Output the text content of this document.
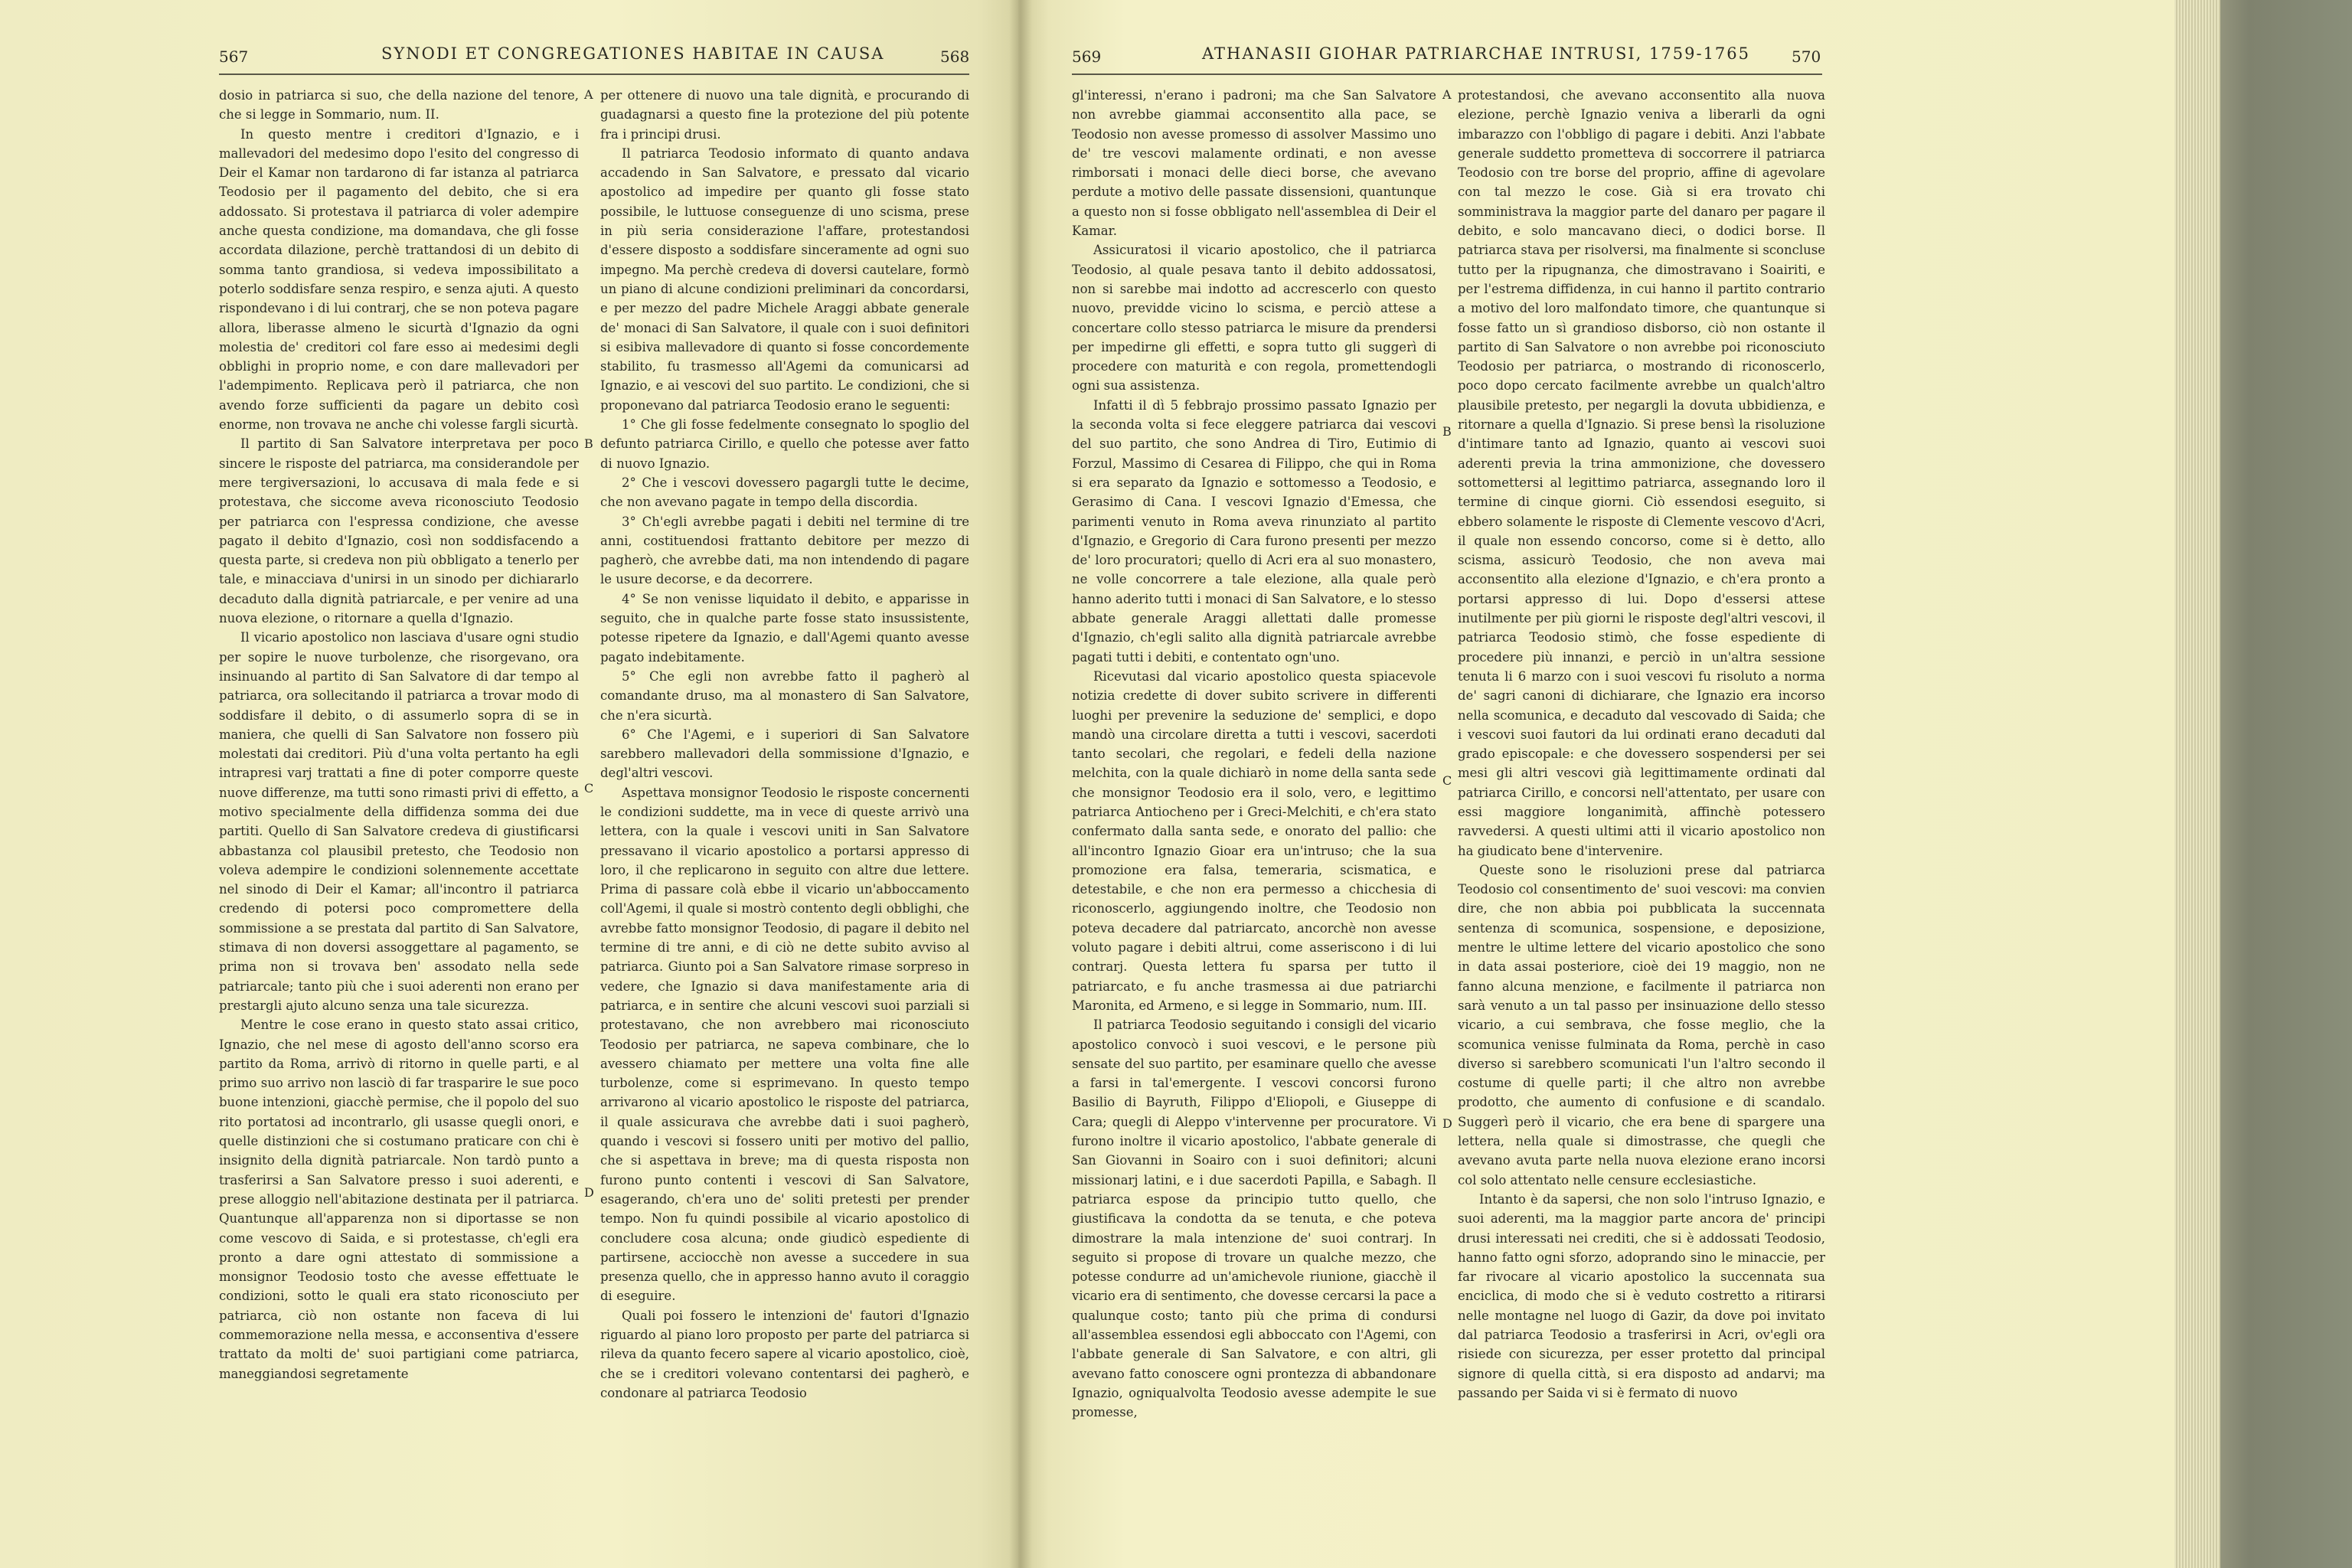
567	SYNODI ET CONGREGATIONES HABITAE IN CAUSA	568

dosio in patriarca si suo, che della nazione del tenore, che si legge in Sommario, num. II.

In questo mentre i creditori d'Ignazio, e i mallevadori del medesimo dopo l'esito del congresso di Deir el Kamar non tardarono di far istanza al patriarca Teodosio per il pagamento del debito, che si era addossato. Si protestava il patriarca di voler adempire anche questa condizione, ma domandava, che gli fosse accordata dilazione, perchè trattandosi di un debito di somma tanto grandiosa, si vedeva impossibilitato a poterlo soddisfare senza respiro, e senza ajuti. A questo rispondevano i di lui contrarj, che se non poteva pagare allora, liberasse almeno le sicurtà d'Ignazio da ogni molestia de' creditori col fare esso ai medesimi degli obblighi in proprio nome, e con dare mallevadori per l'adempimento. Replicava però il patriarca, che non avendo forze sufficienti da pagare un debito così enorme, non trovava ne anche chi volesse fargli sicurtà.

Il partito di San Salvatore interpretava per poco sincere le risposte del patriarca, ma considerandole per mere tergiversazioni, lo accusava di mala fede e si protestava, che siccome aveva riconosciuto Teodosio per patriarca con l'espressa condizione, che avesse pagato il debito d'Ignazio, così non soddisfacendo a questa parte, si credeva non più obbligato a tenerlo per tale, e minacciava d'unirsi in un sinodo per dichiararlo decaduto dalla dignità patriarcale, e per venire ad una nuova elezione, o ritornare a quella d'Ignazio.

Il vicario apostolico non lasciava d'usare ogni studio per sopire le nuove turbolenze, che risorgevano, ora insinuando al partito di San Salvatore di dar tempo al patriarca, ora sollecitando il patriarca a trovar modo di soddisfare il debito, o di assumerlo sopra di se in maniera, che quelli di San Salvatore non fossero più molestati dai creditori. Più d'una volta pertanto ha egli intrapresi varj trattati a fine di poter comporre queste nuove differenze, ma tutti sono rimasti privi di effetto, a motivo specialmente della diffidenza somma dei due partiti. Quello di San Salvatore credeva di giustificarsi abbastanza col plausibil pretesto, che Teodosio non voleva adempire le condizioni solennemente accettate nel sinodo di Deir el Kamar; all'incontro il patriarca credendo di potersi poco compromettere della sommissione a se prestata dal partito di San Salvatore, stimava di non doversi assoggettare al pagamento, se prima non si trovava ben' assodato nella sede patriarcale; tanto più che i suoi aderenti non erano per prestargli ajuto alcuno senza una tale sicurezza.

Mentre le cose erano in questo stato assai critico, Ignazio, che nel mese di agosto dell'anno scorso era partito da Roma, arrivò di ritorno in quelle parti, e al primo suo arrivo non lasciò di far trasparire le sue poco buone intenzioni, giacchè permise, che il popolo del suo rito portatosi ad incontrarlo, gli usasse quegli onori, e quelle distinzioni che si costumano praticare con chi è insignito della dignità patriarcale. Non tardò punto a trasferirsi a San Salvatore presso i suoi aderenti, e prese alloggio nell'abitazione destinata per il patriarca. Quantunque all'apparenza non si diportasse se non come vescovo di Saida, e si protestasse, ch'egli era pronto a dare ogni attestato di sommissione a monsignor Teodosio tosto che avesse effettuate le condizioni, sotto le quali era stato riconosciuto per patriarca, ciò non ostante non faceva di lui commemorazione nella messa, e acconsentiva d'essere trattato da molti de' suoi partigiani come patriarca, maneggiandosi segretamente

A
B
C
D

per ottenere di nuovo una tale dignità, e procurando di guadagnarsi a questo fine la protezione del più potente fra i principi drusi.

Il patriarca Teodosio informato di quanto andava accadendo in San Salvatore, e pressato dal vicario apostolico ad impedire per quanto gli fosse stato possibile, le luttuose conseguenze di uno scisma, prese in più seria considerazione l'affare, protestandosi d'essere disposto a soddisfare sinceramente ad ogni suo impegno. Ma perchè credeva di doversi cautelare, formò un piano di alcune condizioni preliminari da concordarsi, e per mezzo del padre Michele Araggi abbate generale de' monaci di San Salvatore, il quale con i suoi definitori si esibiva mallevadore di quanto si fosse concordemente stabilito, fu trasmesso all'Agemi da comunicarsi ad Ignazio, e ai vescovi del suo partito. Le condizioni, che si proponevano dal patriarca Teodosio erano le seguenti:

1° Che gli fosse fedelmente consegnato lo spoglio del defunto patriarca Cirillo, e quello che potesse aver fatto di nuovo Ignazio.

2° Che i vescovi dovessero pagargli tutte le decime, che non avevano pagate in tempo della discordia.

3° Ch'egli avrebbe pagati i debiti nel termine di tre anni, costituendosi frattanto debitore per mezzo di pagherò, che avrebbe dati, ma non intendendo di pagare le usure decorse, e da decorrere.

4° Se non venisse liquidato il debito, e apparisse in seguito, che in qualche parte fosse stato insussistente, potesse ripetere da Ignazio, e dall'Agemi quanto avesse pagato indebitamente.

5° Che egli non avrebbe fatto il pagherò al comandante druso, ma al monastero di San Salvatore, che n'era sicurtà.

6° Che l'Agemi, e i superiori di San Salvatore sarebbero mallevadori della sommissione d'Ignazio, e degl'altri vescovi.

Aspettava monsignor Teodosio le risposte concernenti le condizioni suddette, ma in vece di queste arrivò una lettera, con la quale i vescovi uniti in San Salvatore pressavano il vicario apostolico a portarsi appresso di loro, il che replicarono in seguito con altre due lettere. Prima di passare colà ebbe il vicario un'abboccamento coll'Agemi, il quale si mostrò contento degli obblighi, che avrebbe fatto monsignor Teodosio, di pagare il debito nel termine di tre anni, e di ciò ne dette subito avviso al patriarca. Giunto poi a San Salvatore rimase sorpreso in vedere, che Ignazio si dava manifestamente aria di patriarca, e in sentire che alcuni vescovi suoi parziali si protestavano, che non avrebbero mai riconosciuto Teodosio per patriarca, ne sapeva combinare, che lo avessero chiamato per mettere una volta fine alle turbolenze, come si esprimevano. In questo tempo arrivarono al vicario apostolico le risposte del patriarca, il quale assicurava che avrebbe dati i suoi pagherò, quando i vescovi si fossero uniti per motivo del pallio, che si aspettava in breve; ma di questa risposta non furono punto contenti i vescovi di San Salvatore, esagerando, ch'era uno de' soliti pretesti per prender tempo. Non fu quindi possibile al vicario apostolico di concludere cosa alcuna; onde giudicò espediente di partirsene, acciocchè non avesse a succedere in sua presenza quello, che in appresso hanno avuto il coraggio di eseguire.

Quali poi fossero le intenzioni de' fautori d'Ignazio riguardo al piano loro proposto per parte del patriarca si rileva da quanto fecero sapere al vicario apostolico, cioè, che se i creditori volevano contentarsi dei pagherò, e condonare al patriarca Teodosio

569	ATHANASII GIOHAR PATRIARCHAE INTRUSI, 1759-1765	570

gl'interessi, n'erano i padroni; ma che San Salvatore non avrebbe giammai acconsentito alla pace, se Teodosio non avesse promesso di assolver Massimo uno de' tre vescovi malamente ordinati, e non avesse rimborsati i monaci delle dieci borse, che avevano perdute a motivo delle passate dissensioni, quantunque a questo non si fosse obbligato nell'assemblea di Deir el Kamar.

Assicuratosi il vicario apostolico, che il patriarca Teodosio, al quale pesava tanto il debito addossatosi, non si sarebbe mai indotto ad accrescerlo con questo nuovo, previdde vicino lo scisma, e perciò attese a concertare collo stesso patriarca le misure da prendersi per impedirne gli effetti, e sopra tutto gli suggerì di procedere con maturità e con regola, promettendogli ogni sua assistenza.

Infatti il dì 5 febbrajo prossimo passato Ignazio per la seconda volta si fece eleggere patriarca dai vescovi del suo partito, che sono Andrea di Tiro, Eutimio di Forzul, Massimo di Cesarea di Filippo, che qui in Roma si era separato da Ignazio e sottomesso a Teodosio, e Gerasimo di Cana. I vescovi Ignazio d'Emessa, che parimenti venuto in Roma aveva rinunziato al partito d'Ignazio, e Gregorio di Cara furono presenti per mezzo de' loro procuratori; quello di Acri era al suo monastero, ne volle concorrere a tale elezione, alla quale però hanno aderito tutti i monaci di San Salvatore, e lo stesso abbate generale Araggi allettati dalle promesse d'Ignazio, ch'egli salito alla dignità patriarcale avrebbe pagati tutti i debiti, e contentato ogn'uno.

Ricevutasi dal vicario apostolico questa spiacevole notizia credette di dover subito scrivere in differenti luoghi per prevenire la seduzione de' semplici, e dopo mandò una circolare diretta a tutti i vescovi, sacerdoti tanto secolari, che regolari, e fedeli della nazione melchita, con la quale dichiarò in nome della santa sede che monsignor Teodosio era il solo, vero, e legittimo patriarca Antiocheno per i Greci-Melchiti, e ch'era stato confermato dalla santa sede, e onorato del pallio: che all'incontro Ignazio Gioar era un'intruso; che la sua promozione era falsa, temeraria, scismatica, e detestabile, e che non era permesso a chicchesia di riconoscerlo, aggiungendo inoltre, che Teodosio non poteva decadere dal patriarcato, ancorchè non avesse voluto pagare i debiti altrui, come asseriscono i di lui contrarj. Questa lettera fu sparsa per tutto il patriarcato, e fu anche trasmessa ai due patriarchi Maronita, ed Armeno, e si legge in Sommario, num. III.

Il patriarca Teodosio seguitando i consigli del vicario apostolico convocò i suoi vescovi, e le persone più sensate del suo partito, per esaminare quello che avesse a farsi in tal'emergente. I vescovi concorsi furono Basilio di Bayruth, Filippo d'Eliopoli, e Giuseppe di Cara; quegli di Aleppo v'intervenne per procuratore. Vi furono inoltre il vicario apostolico, l'abbate generale di San Giovanni in Soairo con i suoi definitori; alcuni missionarj latini, e i due sacerdoti Papilla, e Sabagh. Il patriarca espose da principio tutto quello, che giustificava la condotta da se tenuta, e che poteva dimostrare la mala intenzione de' suoi contrarj. In seguito si propose di trovare un qualche mezzo, che potesse condurre ad un'amichevole riunione, giacchè il vicario era di sentimento, che dovesse cercarsi la pace a qualunque costo; tanto più che prima di condursi all'assemblea essendosi egli abboccato con l'Agemi, con l'abbate generale di San Salvatore, e con altri, gli avevano fatto conoscere ogni prontezza di abbandonare Ignazio, ogniqualvolta Teodosio avesse adempite le sue promesse,

A
B
C
D

protestandosi, che avevano acconsentito alla nuova elezione, perchè Ignazio veniva a liberarli da ogni imbarazzo con l'obbligo di pagare i debiti. Anzi l'abbate generale suddetto prometteva di soccorrere il patriarca Teodosio con tre borse del proprio, affine di agevolare con tal mezzo le cose. Già si era trovato chi somministrava la maggior parte del danaro per pagare il debito, e solo mancavano dieci, o dodici borse. Il patriarca stava per risolversi, ma finalmente si sconcluse tutto per la ripugnanza, che dimostravano i Soairiti, e per l'estrema diffidenza, in cui hanno il partito contrario a motivo del loro malfondato timore, che quantunque si fosse fatto un sì grandioso disborso, ciò non ostante il partito di San Salvatore o non avrebbe poi riconosciuto Teodosio per patriarca, o mostrando di riconoscerlo, poco dopo cercato facilmente avrebbe un qualch'altro plausibile pretesto, per negargli la dovuta ubbidienza, e ritornare a quella d'Ignazio. Si prese bensì la risoluzione d'intimare tanto ad Ignazio, quanto ai vescovi suoi aderenti previa la trina ammonizione, che dovessero sottomettersi al legittimo patriarca, assegnando loro il termine di cinque giorni. Ciò essendosi eseguito, si ebbero solamente le risposte di Clemente vescovo d'Acri, il quale non essendo concorso, come si è detto, allo scisma, assicurò Teodosio, che non aveva mai acconsentito alla elezione d'Ignazio, e ch'era pronto a portarsi appresso di lui. Dopo d'essersi attese inutilmente per più giorni le risposte degl'altri vescovi, il patriarca Teodosio stimò, che fosse espediente di procedere più innanzi, e perciò in un'altra sessione tenuta li 6 marzo con i suoi vescovi fu risoluto a norma de' sagri canoni di dichiarare, che Ignazio era incorso nella scomunica, e decaduto dal vescovado di Saida; che i vescovi suoi fautori da lui ordinati erano decaduti dal grado episcopale: e che dovessero sospendersi per sei mesi gli altri vescovi già legittimamente ordinati dal patriarca Cirillo, e concorsi nell'attentato, per usare con essi maggiore longanimità, affinchè potessero ravvedersi. A questi ultimi atti il vicario apostolico non ha giudicato bene d'intervenire.

Queste sono le risoluzioni prese dal patriarca Teodosio col consentimento de' suoi vescovi: ma convien dire, che non abbia poi pubblicata la succennata sentenza di scomunica, sospensione, e deposizione, mentre le ultime lettere del vicario apostolico che sono in data assai posteriore, cioè dei 19 maggio, non ne fanno alcuna menzione, e facilmente il patriarca non sarà venuto a un tal passo per insinuazione dello stesso vicario, a cui sembrava, che fosse meglio, che la scomunica venisse fulminata da Roma, perchè in caso diverso si sarebbero scomunicati l'un l'altro secondo il costume di quelle parti; il che altro non avrebbe prodotto, che aumento di confusione e di scandalo. Suggerì però il vicario, che era bene di spargere una lettera, nella quale si dimostrasse, che quegli che avevano avuta parte nella nuova elezione erano incorsi col solo attentato nelle censure ecclesiastiche.

Intanto è da sapersi, che non solo l'intruso Ignazio, e suoi aderenti, ma la maggior parte ancora de' principi drusi interessati nei crediti, che si è addossati Teodosio, hanno fatto ogni sforzo, adoprando sino le minaccie, per far rivocare al vicario apostolico la succennata sua enciclica, di modo che si è veduto costretto a ritirarsi nelle montagne nel luogo di Gazir, da dove poi invitato dal patriarca Teodosio a trasferirsi in Acri, ov'egli ora risiede con sicurezza, per esser protetto dal principal signore di quella città, si era disposto ad andarvi; ma passando per Saida vi si è fermato di nuovo
